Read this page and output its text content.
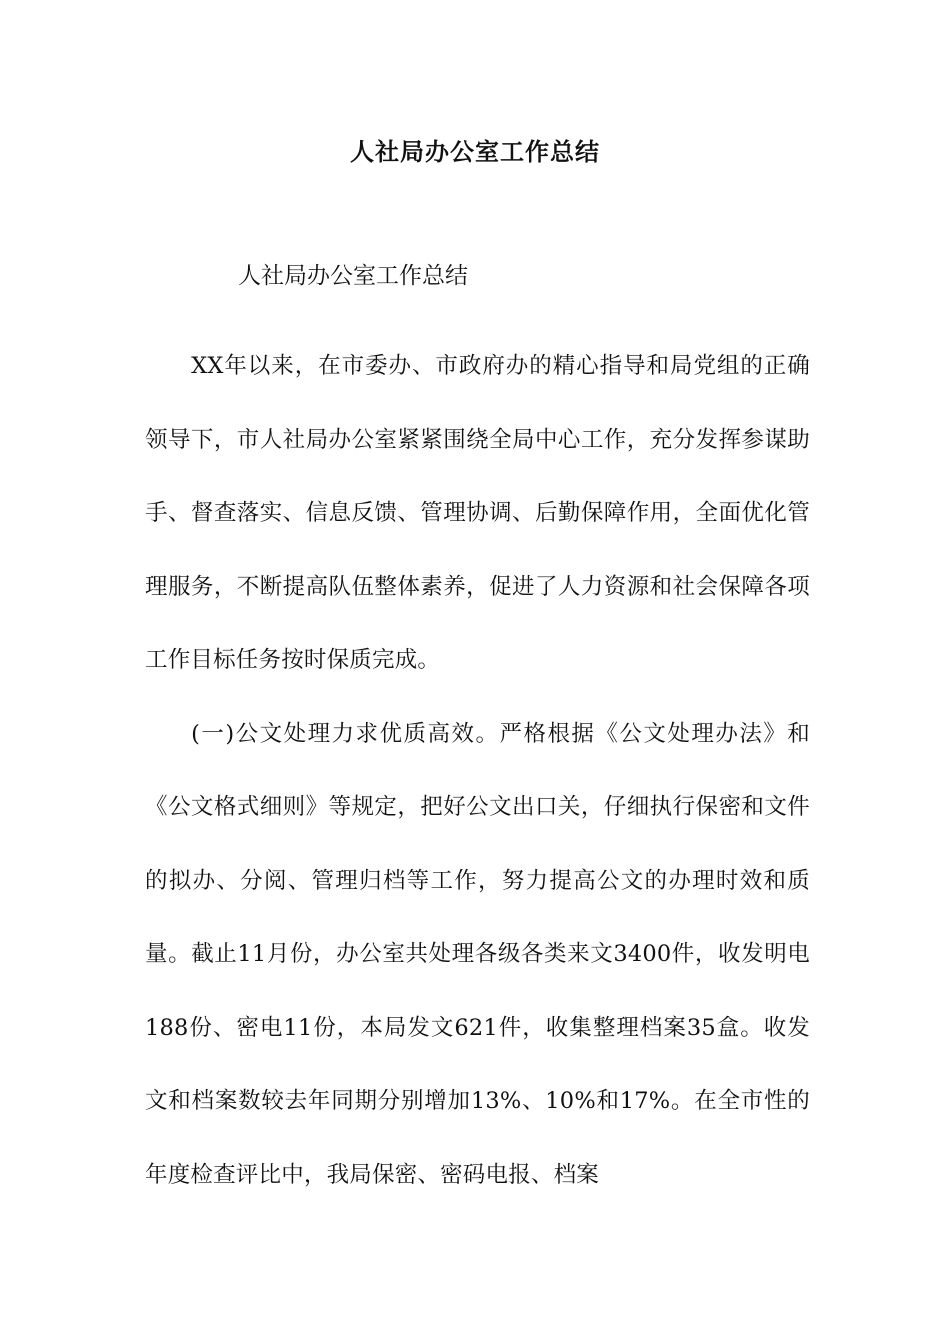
人社局办公室工作总结
人社局办公室工作总结

XX年以来，在市委办、市政府办的精心指导和局党组的正确领导下，市人社局办公室紧紧围绕全局中心工作，充分发挥参谋助手、督查落实、信息反馈、管理协调、后勤保障作用，全面优化管理服务，不断提高队伍整体素养，促进了人力资源和社会保障各项工作目标任务按时保质完成。

(一)公文处理力求优质高效。严格根据《公文处理办法》和《公文格式细则》等规定，把好公文出口关，仔细执行保密和文件的拟办、分阅、管理归档等工作，努力提高公文的办理时效和质量。截止11月份，办公室共处理各级各类来文3400件，收发明电188份、密电11份，本局发文621件，收集整理档案35盒。收发文和档案数较去年同期分别增加13%、10%和17%。在全市性的年度检查评比中，我局保密、密码电报、档案
